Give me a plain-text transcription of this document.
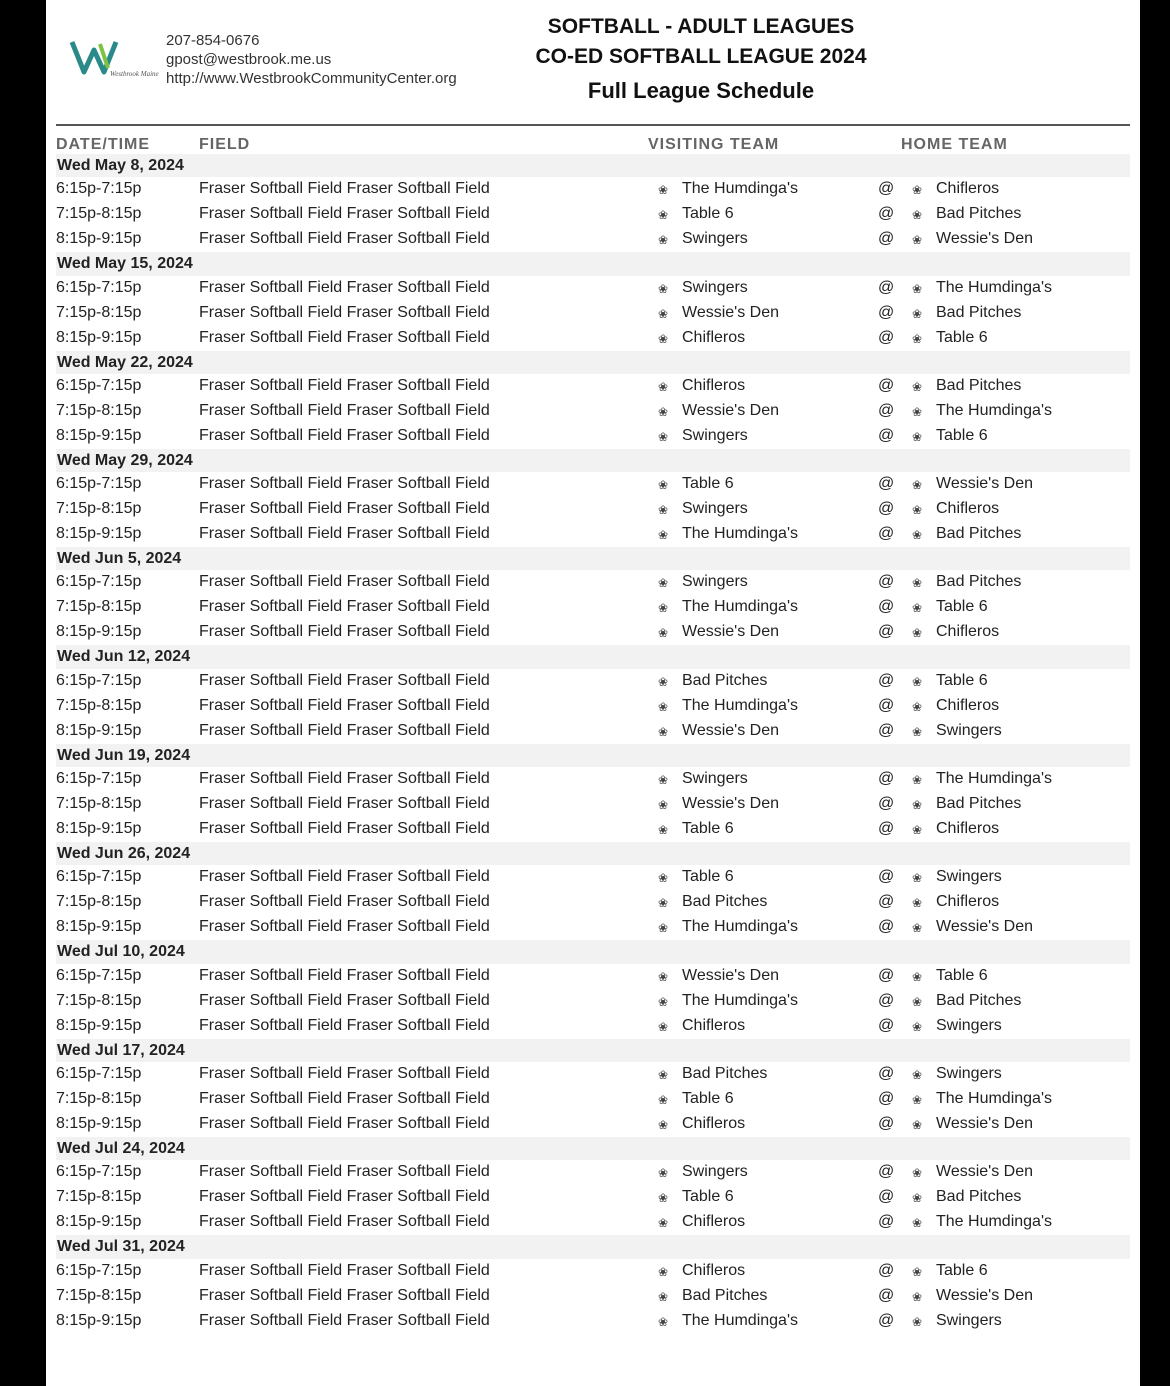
Westbrook Maine
207-854-0676
gpost@westbrook.me.us
http://www.WestbrookCommunityCenter.org
SOFTBALL - ADULT LEAGUES
CO-ED SOFTBALL LEAGUE 2024
Full League Schedule
DATE/TIME	FIELD	VISITING TEAM	HOME TEAM
Wed May 8, 2024
6:15p-7:15p	Fraser Softball Field Fraser Softball Field	❀ The Humdinga's	@ ❀ Chifleros
7:15p-8:15p	Fraser Softball Field Fraser Softball Field	❀ Table 6	@ ❀ Bad Pitches
8:15p-9:15p	Fraser Softball Field Fraser Softball Field	❀ Swingers	@ ❀ Wessie's Den
Wed May 15, 2024
6:15p-7:15p	Fraser Softball Field Fraser Softball Field	❀ Swingers	@ ❀ The Humdinga's
7:15p-8:15p	Fraser Softball Field Fraser Softball Field	❀ Wessie's Den	@ ❀ Bad Pitches
8:15p-9:15p	Fraser Softball Field Fraser Softball Field	❀ Chifleros	@ ❀ Table 6
Wed May 22, 2024
6:15p-7:15p	Fraser Softball Field Fraser Softball Field	❀ Chifleros	@ ❀ Bad Pitches
7:15p-8:15p	Fraser Softball Field Fraser Softball Field	❀ Wessie's Den	@ ❀ The Humdinga's
8:15p-9:15p	Fraser Softball Field Fraser Softball Field	❀ Swingers	@ ❀ Table 6
Wed May 29, 2024
6:15p-7:15p	Fraser Softball Field Fraser Softball Field	❀ Table 6	@ ❀ Wessie's Den
7:15p-8:15p	Fraser Softball Field Fraser Softball Field	❀ Swingers	@ ❀ Chifleros
8:15p-9:15p	Fraser Softball Field Fraser Softball Field	❀ The Humdinga's	@ ❀ Bad Pitches
Wed Jun 5, 2024
6:15p-7:15p	Fraser Softball Field Fraser Softball Field	❀ Swingers	@ ❀ Bad Pitches
7:15p-8:15p	Fraser Softball Field Fraser Softball Field	❀ The Humdinga's	@ ❀ Table 6
8:15p-9:15p	Fraser Softball Field Fraser Softball Field	❀ Wessie's Den	@ ❀ Chifleros
Wed Jun 12, 2024
6:15p-7:15p	Fraser Softball Field Fraser Softball Field	❀ Bad Pitches	@ ❀ Table 6
7:15p-8:15p	Fraser Softball Field Fraser Softball Field	❀ The Humdinga's	@ ❀ Chifleros
8:15p-9:15p	Fraser Softball Field Fraser Softball Field	❀ Wessie's Den	@ ❀ Swingers
Wed Jun 19, 2024
6:15p-7:15p	Fraser Softball Field Fraser Softball Field	❀ Swingers	@ ❀ The Humdinga's
7:15p-8:15p	Fraser Softball Field Fraser Softball Field	❀ Wessie's Den	@ ❀ Bad Pitches
8:15p-9:15p	Fraser Softball Field Fraser Softball Field	❀ Table 6	@ ❀ Chifleros
Wed Jun 26, 2024
6:15p-7:15p	Fraser Softball Field Fraser Softball Field	❀ Table 6	@ ❀ Swingers
7:15p-8:15p	Fraser Softball Field Fraser Softball Field	❀ Bad Pitches	@ ❀ Chifleros
8:15p-9:15p	Fraser Softball Field Fraser Softball Field	❀ The Humdinga's	@ ❀ Wessie's Den
Wed Jul 10, 2024
6:15p-7:15p	Fraser Softball Field Fraser Softball Field	❀ Wessie's Den	@ ❀ Table 6
7:15p-8:15p	Fraser Softball Field Fraser Softball Field	❀ The Humdinga's	@ ❀ Bad Pitches
8:15p-9:15p	Fraser Softball Field Fraser Softball Field	❀ Chifleros	@ ❀ Swingers
Wed Jul 17, 2024
6:15p-7:15p	Fraser Softball Field Fraser Softball Field	❀ Bad Pitches	@ ❀ Swingers
7:15p-8:15p	Fraser Softball Field Fraser Softball Field	❀ Table 6	@ ❀ The Humdinga's
8:15p-9:15p	Fraser Softball Field Fraser Softball Field	❀ Chifleros	@ ❀ Wessie's Den
Wed Jul 24, 2024
6:15p-7:15p	Fraser Softball Field Fraser Softball Field	❀ Swingers	@ ❀ Wessie's Den
7:15p-8:15p	Fraser Softball Field Fraser Softball Field	❀ Table 6	@ ❀ Bad Pitches
8:15p-9:15p	Fraser Softball Field Fraser Softball Field	❀ Chifleros	@ ❀ The Humdinga's
Wed Jul 31, 2024
6:15p-7:15p	Fraser Softball Field Fraser Softball Field	❀ Chifleros	@ ❀ Table 6
7:15p-8:15p	Fraser Softball Field Fraser Softball Field	❀ Bad Pitches	@ ❀ Wessie's Den
8:15p-9:15p	Fraser Softball Field Fraser Softball Field	❀ The Humdinga's	@ ❀ Swingers
